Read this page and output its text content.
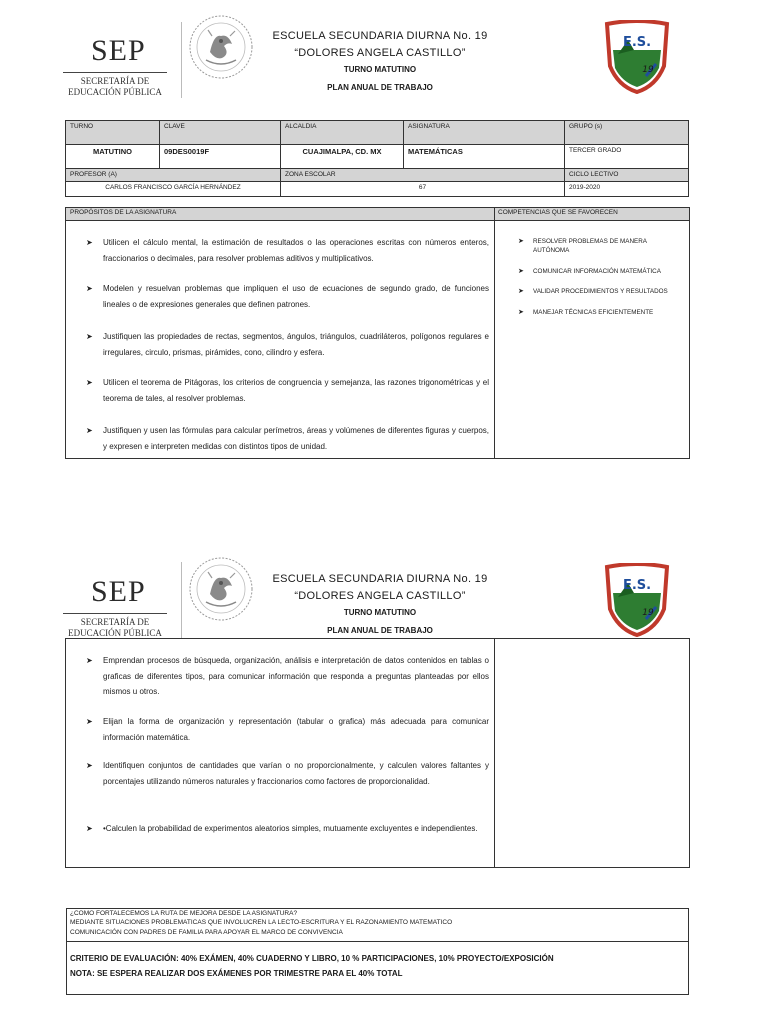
SEP
SECRETARÍA DE
EDUCACIÓN PÚBLICA
ESCUELA SECUNDARIA DIURNA No. 19
“DOLORES ANGELA CASTILLO”
TURNO MATUTINO
PLAN ANUAL DE TRABAJO
E.S.
19
TURNO	CLAVE	ALCALDIA	ASIGNATURA	GRUPO (s)
MATUTINO	09DES0019F	CUAJIMALPA, CD. MX	MATEMÁTICAS	TERCER GRADO
PROFESOR (A)		ZONA ESCOLAR		CICLO LECTIVO
CARLOS FRANCISCO GARCÍA HERNÁNDEZ		67		2019-2020
PROPÓSITOS DE LA ASIGNATURA	COMPETENCIAS QUE SE FAVORECEN
➤ Utilicen el cálculo mental, la estimación de resultados o las operaciones escritas con números enteros, fraccionarios o decimales, para resolver problemas aditivos y multiplicativos.
➤ Modelen y resuelvan problemas que impliquen el uso de ecuaciones de segundo grado, de funciones lineales o de expresiones generales que definen patrones.
➤ Justifiquen las propiedades de rectas, segmentos, ángulos, triángulos, cuadriláteros, polígonos regulares e irregulares, circulo, prismas, pirámides, cono, cilindro y esfera.
➤ Utilicen el teorema de Pitágoras, los criterios de congruencia y semejanza, las razones trigonométricas y el teorema de tales, al resolver problemas.
➤ Justifiquen y usen las fórmulas para calcular perímetros, áreas y volúmenes de diferentes figuras y cuerpos, y expresen e interpreten medidas con distintos tipos de unidad.
➤ RESOLVER PROBLEMAS DE MANERA AUTÓNOMA
➤ COMUNICAR INFORMACIÓN MATEMÁTICA
➤ VALIDAR PROCEDIMIENTOS Y RESULTADOS
➤ MANEJAR TÉCNICAS EFICIENTEMENTE
SEP
SECRETARÍA DE
EDUCACIÓN PÚBLICA
ESCUELA SECUNDARIA DIURNA No. 19
“DOLORES ANGELA CASTILLO”
TURNO MATUTINO
PLAN ANUAL DE TRABAJO
E.S.
19
➤ Emprendan procesos de búsqueda, organización, análisis e interpretación de datos contenidos en tablas o graficas de diferentes tipos, para comunicar información que responda a preguntas planteadas por ellos mismos u otros.
➤ Elijan la forma de organización y representación (tabular o grafica) más adecuada para comunicar información matemática.
➤ Identifiquen conjuntos de cantidades que varían o no proporcionalmente, y calculen valores faltantes y porcentajes utilizando números naturales y fraccionarios como factores de proporcionalidad.
➤ •Calculen la probabilidad de experimentos aleatorios simples, mutuamente excluyentes e independientes.
¿COMO FORTALECEMOS LA RUTA DE MEJORA DESDE LA ASIGNATURA?
MEDIANTE SITUACIONES PROBLEMATICAS QUE INVOLUCREN LA LECTO-ESCRITURA Y EL RAZONAMIENTO MATEMATICO
COMUNICACIÓN CON PADRES DE FAMILIA PARA APOYAR EL MARCO DE CONVIVENCIA
CRITERIO DE EVALUACIÓN: 40% EXÁMEN, 40% CUADERNO Y LIBRO, 10 % PARTICIPACIONES, 10% PROYECTO/EXPOSICIÓN
NOTA: SE ESPERA REALIZAR DOS EXÁMENES POR TRIMESTRE PARA EL 40% TOTAL
